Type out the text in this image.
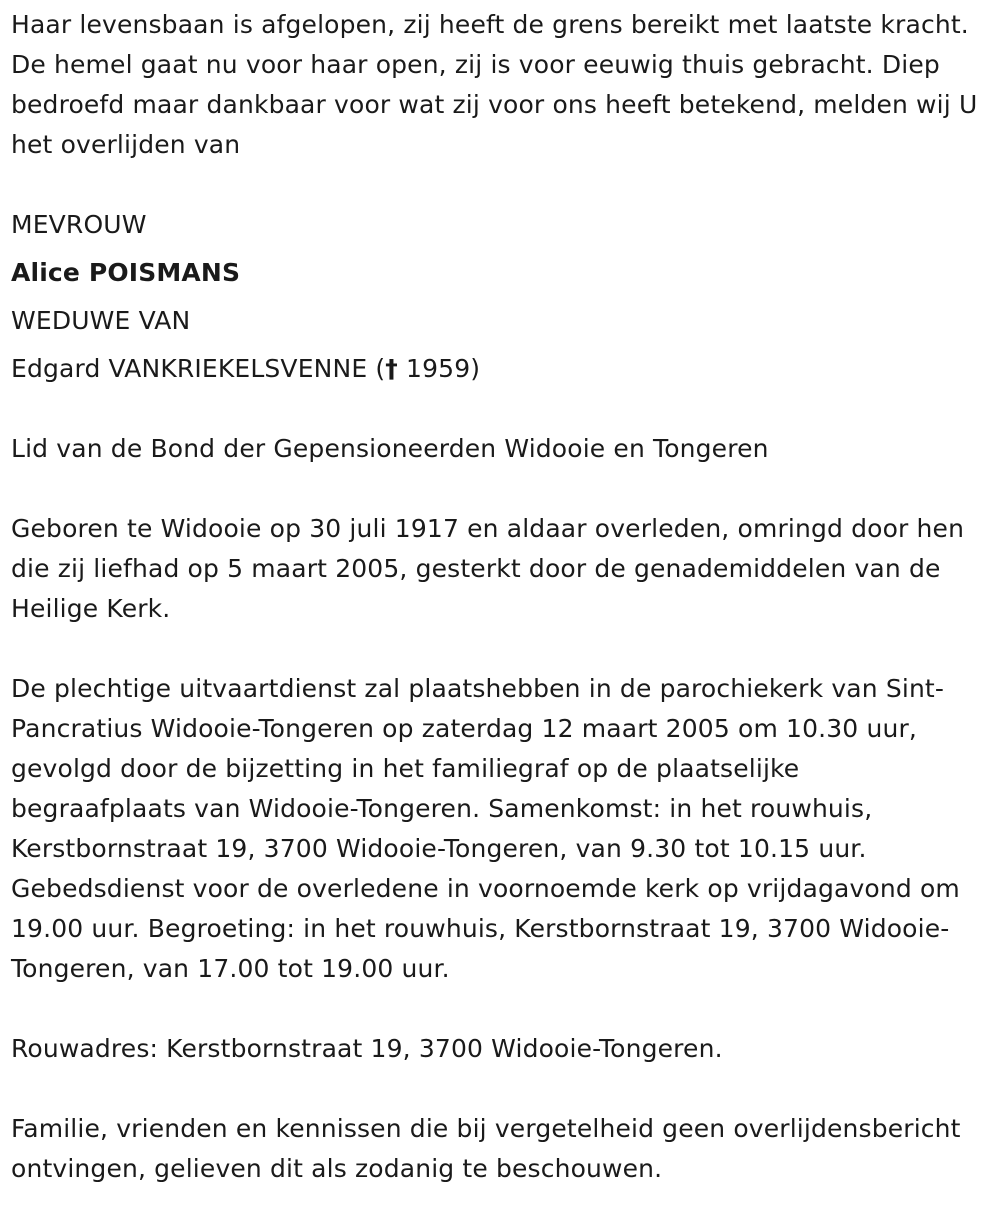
Haar levensbaan is afgelopen, zij heeft de grens bereikt met laatste kracht. De hemel gaat nu voor haar open, zij is voor eeuwig thuis gebracht. Diep bedroefd maar dankbaar voor wat zij voor ons heeft betekend, melden wij U het overlijden van

MEVROUW
Alice POISMANS
WEDUWE VAN
Edgard VANKRIEKELSVENNE († 1959)

Lid van de Bond der Gepensioneerden Widooie en Tongeren

Geboren te Widooie op 30 juli 1917 en aldaar overleden, omringd door hen die zij liefhad op 5 maart 2005, gesterkt door de genademiddelen van de Heilige Kerk.

De plechtige uitvaartdienst zal plaatshebben in de parochiekerk van Sint-Pancratius Widooie-Tongeren op zaterdag 12 maart 2005 om 10.30 uur, gevolgd door de bijzetting in het familiegraf op de plaatselijke begraafplaats van Widooie-Tongeren. Samenkomst: in het rouwhuis, Kerstbornstraat 19, 3700 Widooie-Tongeren, van 9.30 tot 10.15 uur. Gebedsdienst voor de overledene in voornoemde kerk op vrijdagavond om 19.00 uur. Begroeting: in het rouwhuis, Kerstbornstraat 19, 3700 Widooie-Tongeren, van 17.00 tot 19.00 uur.

Rouwadres: Kerstbornstraat 19, 3700 Widooie-Tongeren.

Familie, vrienden en kennissen die bij vergetelheid geen overlijdensbericht ontvingen, gelieven dit als zodanig te beschouwen.
